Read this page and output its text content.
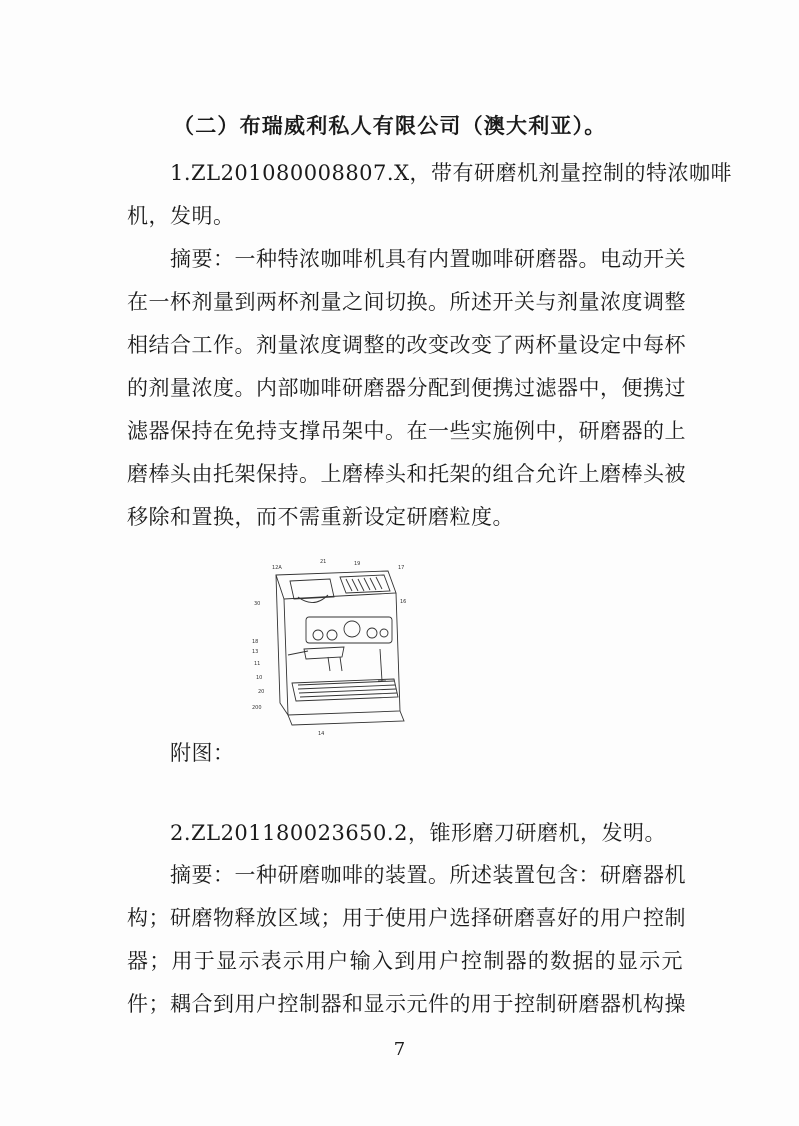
（二）布瑞威利私人有限公司（澳大利亚）。
1.ZL201080008807.X，带有研磨机剂量控制的特浓咖啡
机，发明。
摘要：一种特浓咖啡机具有内置咖啡研磨器。电动开关
在一杯剂量到两杯剂量之间切换。所述开关与剂量浓度调整
相结合工作。剂量浓度调整的改变改变了两杯量设定中每杯
的剂量浓度。内部咖啡研磨器分配到便携过滤器中，便携过
滤器保持在免持支撑吊架中。在一些实施例中，研磨器的上
磨棒头由托架保持。上磨棒头和托架的组合允许上磨棒头被
移除和置换，而不需重新设定研磨粒度。
12A
21	19
17
16
30
18
13
11
10
20
200
14
附图：
2.ZL201180023650.2，锥形磨刀研磨机，发明。
摘要：一种研磨咖啡的装置。所述装置包含：研磨器机
构；研磨物释放区域；用于使用户选择研磨喜好的用户控制
器；用于显示表示用户输入到用户控制器的数据的显示元
件；耦合到用户控制器和显示元件的用于控制研磨器机构操
7
